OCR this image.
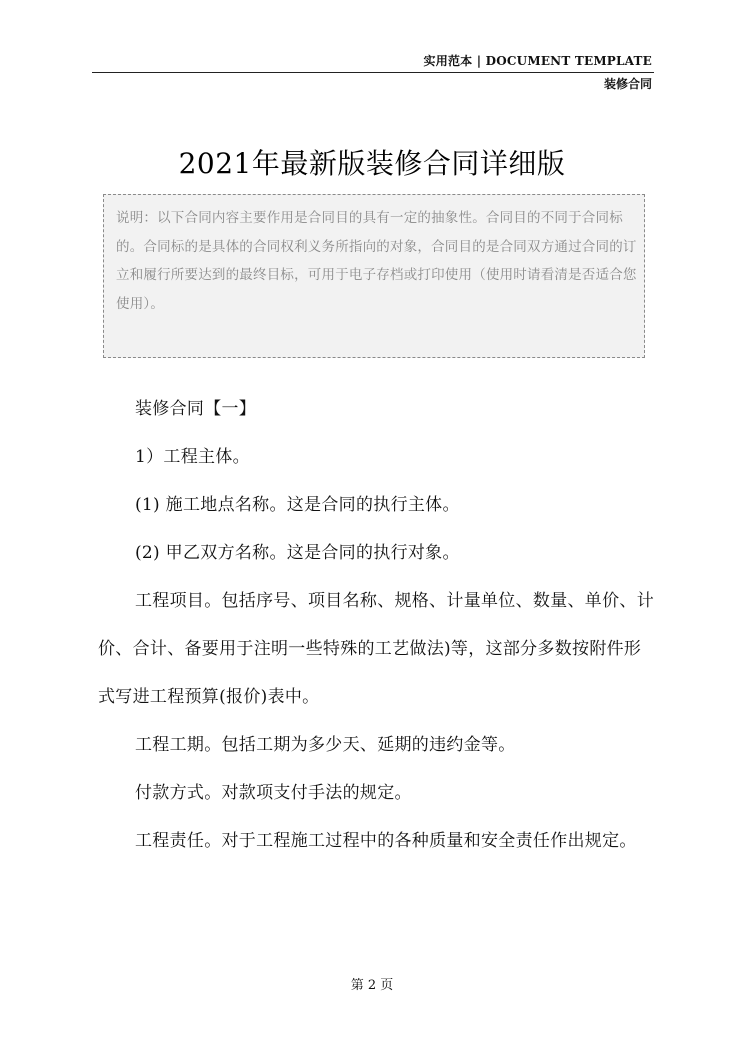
实用范本 | DOCUMENT TEMPLATE
装修合同
2021年最新版装修合同详细版

说明：以下合同内容主要作用是合同目的具有一定的抽象性。合同目的不同于合同标的。合同标的是具体的合同权利义务所指向的对象，合同目的是合同双方通过合同的订立和履行所要达到的最终目标，可用于电子存档或打印使用（使用时请看清是否适合您使用）。

装修合同【一】

1）工程主体。

(1) 施工地点名称。这是合同的执行主体。

(2) 甲乙双方名称。这是合同的执行对象。

工程项目。包括序号、项目名称、规格、计量单位、数量、单价、计价、合计、备要用于注明一些特殊的工艺做法)等，这部分多数按附件形式写进工程预算(报价)表中。

工程工期。包括工期为多少天、延期的违约金等。

付款方式。对款项支付手法的规定。

工程责任。对于工程施工过程中的各种质量和安全责任作出规定。

第 2 页
